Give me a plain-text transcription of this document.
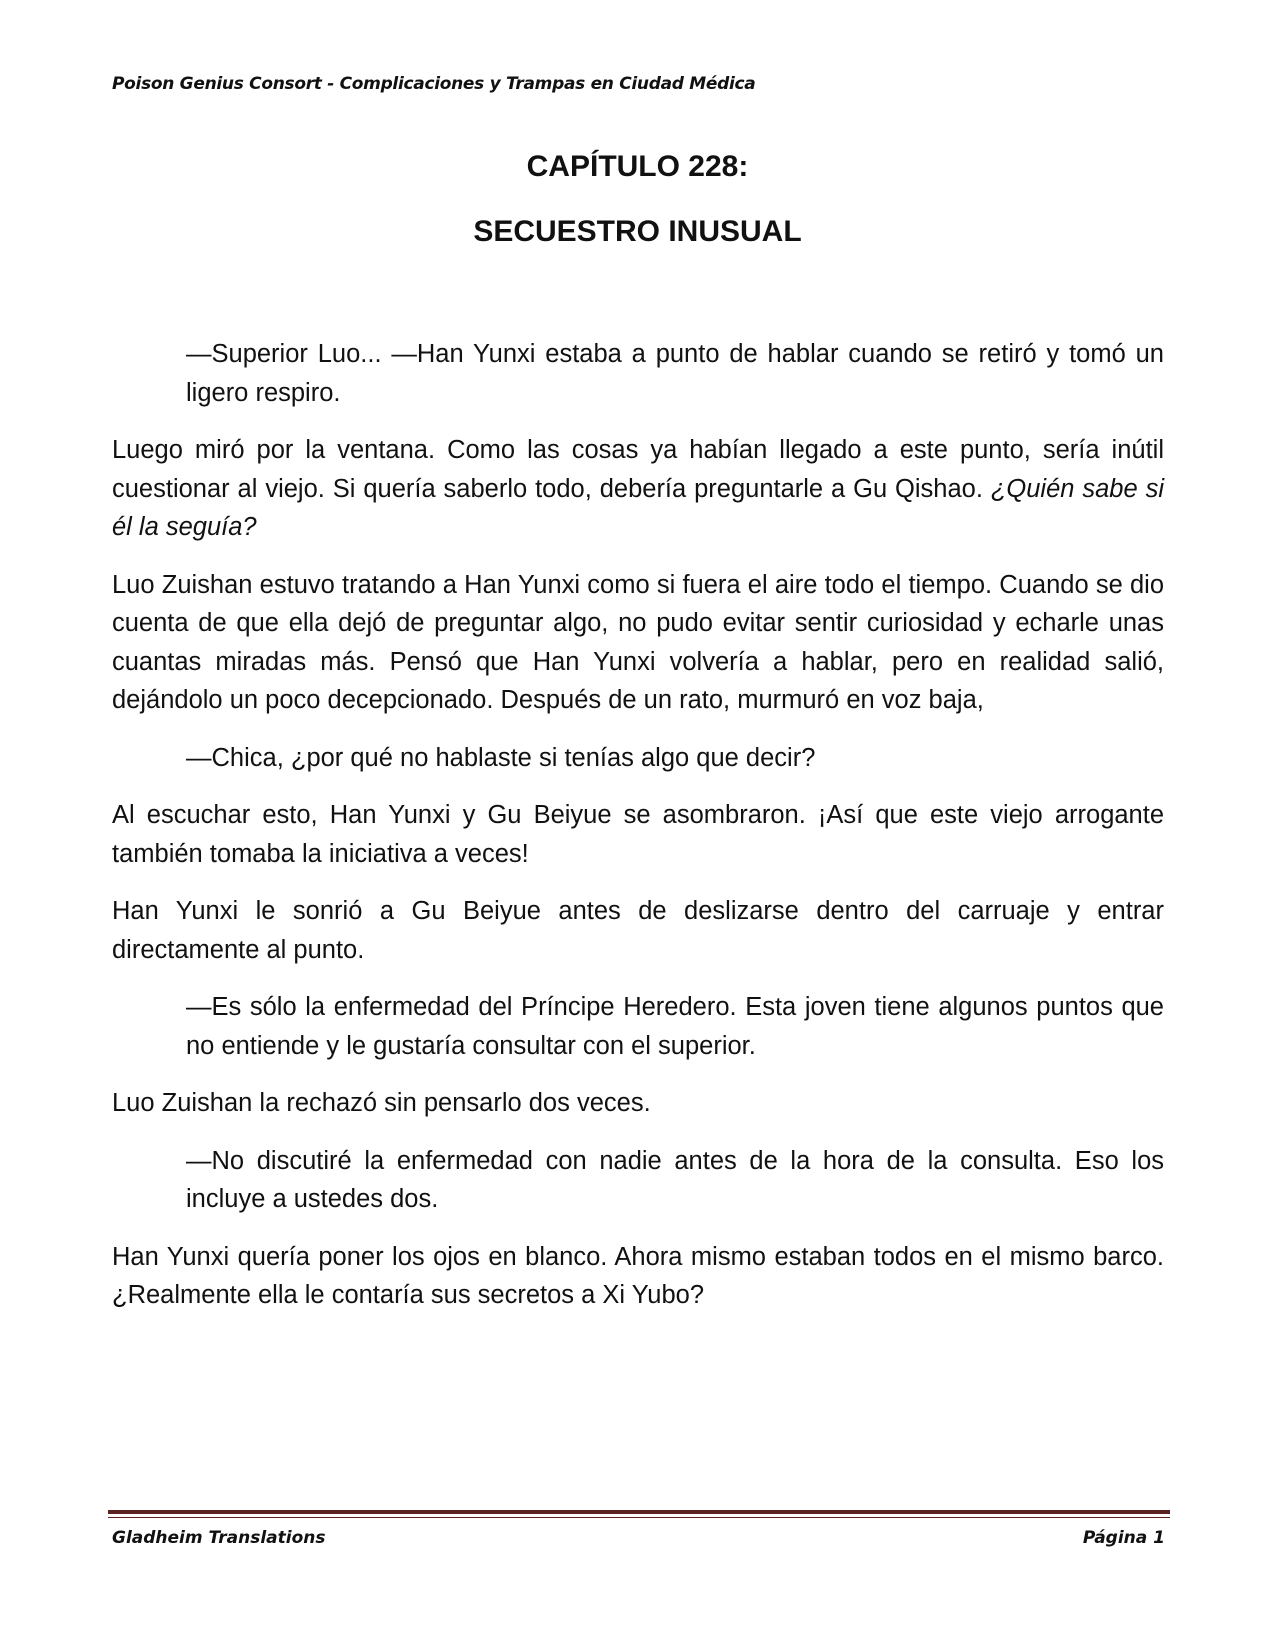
Poison Genius Consort - Complicaciones y Trampas en Ciudad Médica
CAPÍTULO 228:
SECUESTRO INUSUAL

—Superior Luo... —Han Yunxi estaba a punto de hablar cuando se retiró y tomó un ligero respiro.

Luego miró por la ventana. Como las cosas ya habían llegado a este punto, sería inútil cuestionar al viejo. Si quería saberlo todo, debería preguntarle a Gu Qishao. ¿Quién sabe si él la seguía?

Luo Zuishan estuvo tratando a Han Yunxi como si fuera el aire todo el tiempo. Cuando se dio cuenta de que ella dejó de preguntar algo, no pudo evitar sentir curiosidad y echarle unas cuantas miradas más. Pensó que Han Yunxi volvería a hablar, pero en realidad salió, dejándolo un poco decepcionado. Después de un rato, murmuró en voz baja,

—Chica, ¿por qué no hablaste si tenías algo que decir?

Al escuchar esto, Han Yunxi y Gu Beiyue se asombraron. ¡Así que este viejo arrogante también tomaba la iniciativa a veces!

Han Yunxi le sonrió a Gu Beiyue antes de deslizarse dentro del carruaje y entrar directamente al punto.

—Es sólo la enfermedad del Príncipe Heredero. Esta joven tiene algunos puntos que no entiende y le gustaría consultar con el superior.

Luo Zuishan la rechazó sin pensarlo dos veces.

—No discutiré la enfermedad con nadie antes de la hora de la consulta. Eso los incluye a ustedes dos.

Han Yunxi quería poner los ojos en blanco. Ahora mismo estaban todos en el mismo barco. ¿Realmente ella le contaría sus secretos a Xi Yubo?

Gladheim Translations	Página 1
